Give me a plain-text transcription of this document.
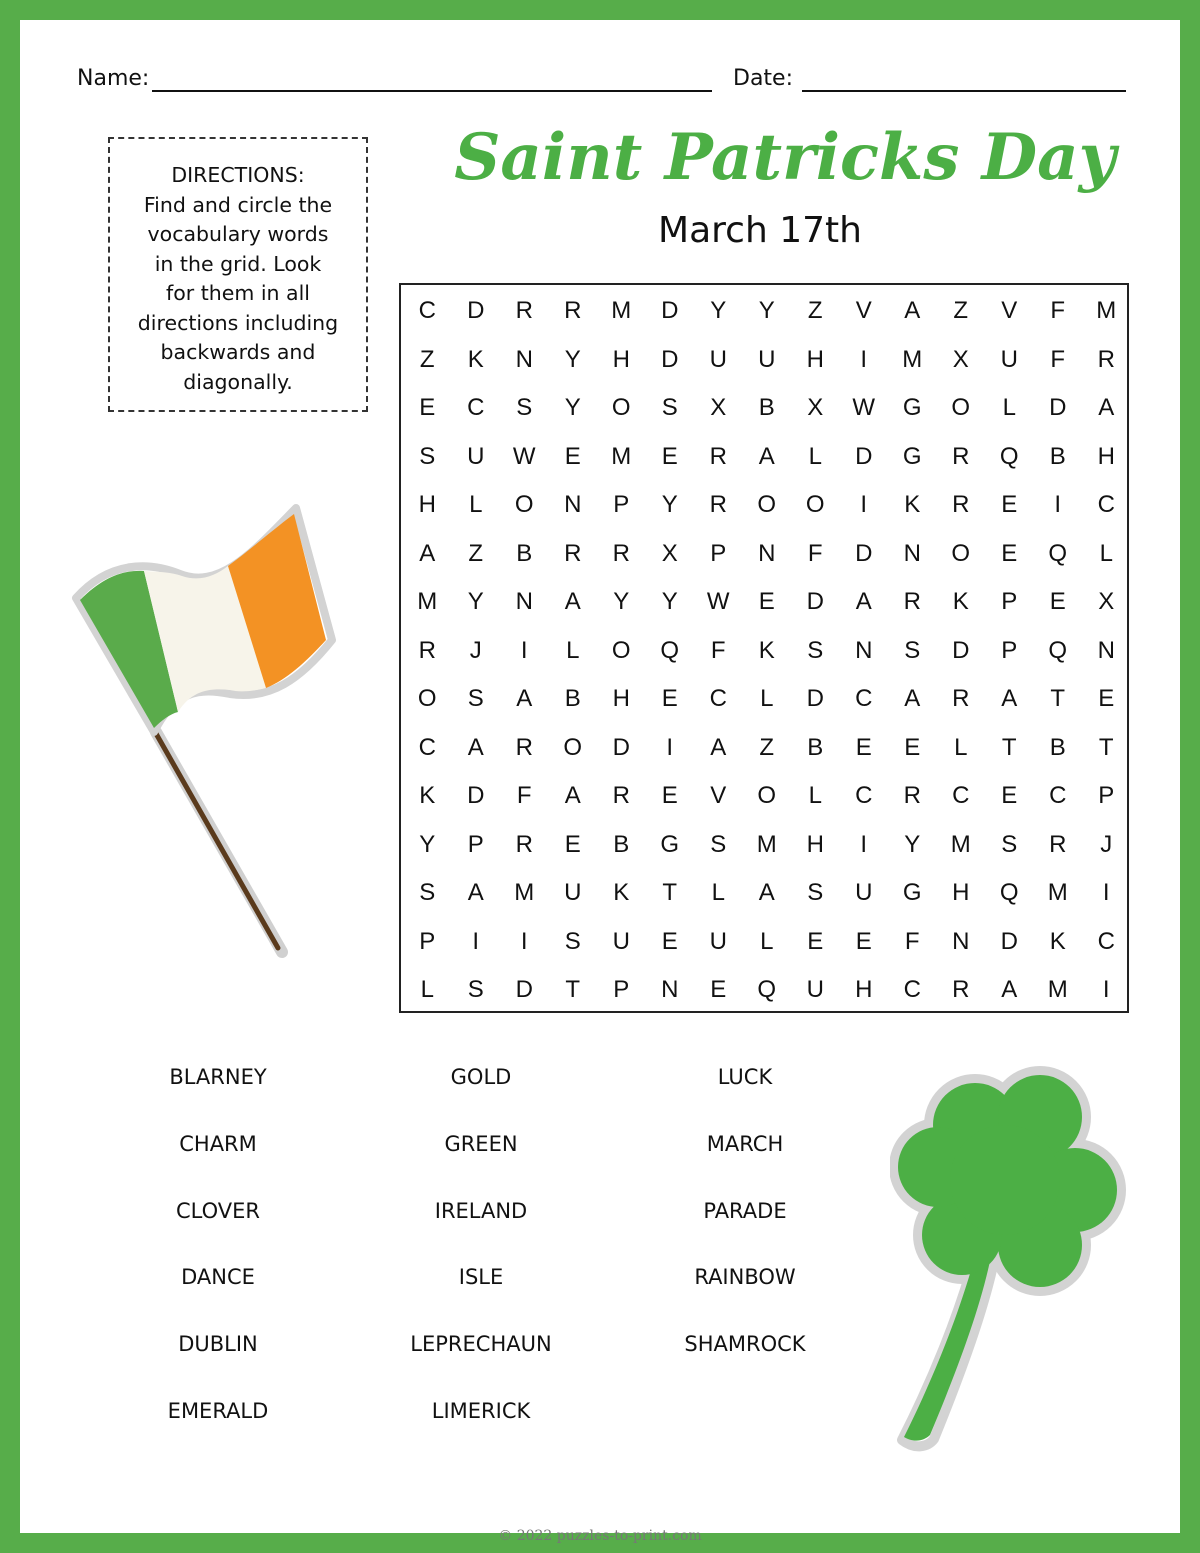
Name:	Date:
DIRECTIONS:
Find and circle the
vocabulary words
in the grid. Look
for them in all
directions including
backwards and
diagonally.
Saint Patricks Day
March 17th
C	D	R	R	M	D	Y	Y	Z	V	A	Z	V	F	M
Z	K	N	Y	H	D	U	U	H	I	M	X	U	F	R
E	C	S	Y	O	S	X	B	X	W	G	O	L	D	A
S	U	W	E	M	E	R	A	L	D	G	R	Q	B	H
H	L	O	N	P	Y	R	O	O	I	K	R	E	I	C
A	Z	B	R	R	X	P	N	F	D	N	O	E	Q	L
M	Y	N	A	Y	Y	W	E	D	A	R	K	P	E	X
R	J	I	L	O	Q	F	K	S	N	S	D	P	Q	N
O	S	A	B	H	E	C	L	D	C	A	R	A	T	E
C	A	R	O	D	I	A	Z	B	E	E	L	T	B	T
K	D	F	A	R	E	V	O	L	C	R	C	E	C	P
Y	P	R	E	B	G	S	M	H	I	Y	M	S	R	J
S	A	M	U	K	T	L	A	S	U	G	H	Q	M	I
P	I	I	S	U	E	U	L	E	E	F	N	D	K	C
L	S	D	T	P	N	E	Q	U	H	C	R	A	M	I
BLARNEY
CHARM
CLOVER
DANCE
DUBLIN
EMERALD
GOLD
GREEN
IRELAND
ISLE
LEPRECHAUN
LIMERICK
LUCK
MARCH
PARADE
RAINBOW
SHAMROCK
© 2022 puzzles-to-print.com
